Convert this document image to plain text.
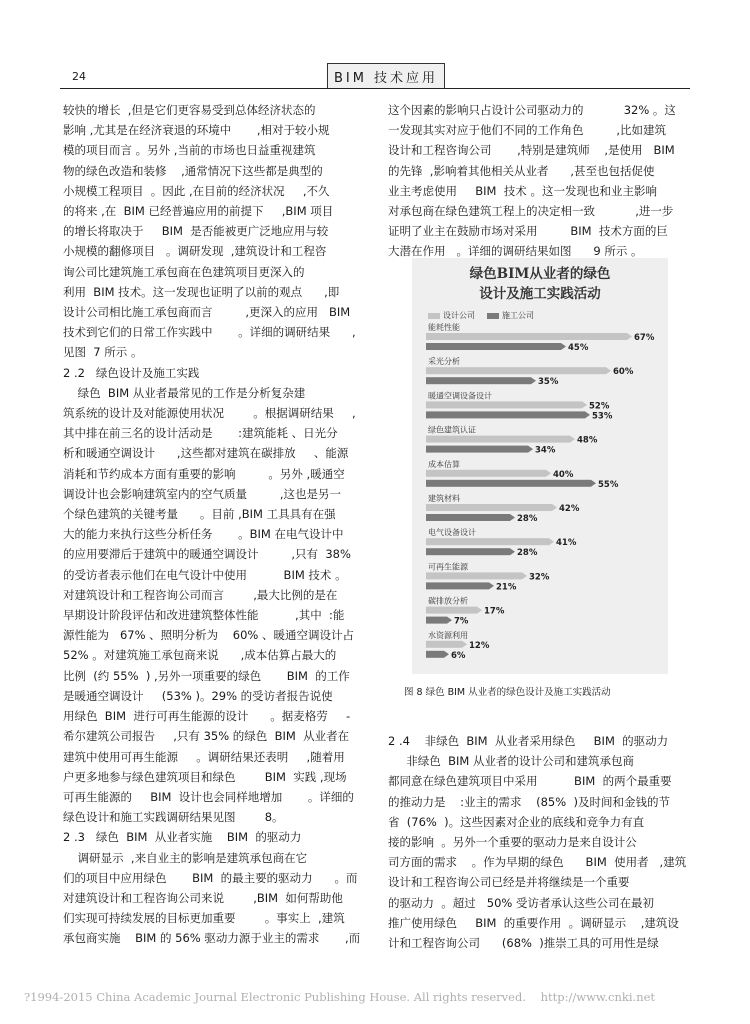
24	BIM 技术应用

较快的增长  ,但是它们更容易受到总体经济状态的

影响 ,尤其是在经济衰退的环境中       ,相对于较小规

模的项目而言 。另外 ,当前的市场也日益重视建筑

物的绿色改造和装修    ,通常情况下这些都是典型的

小规模工程项目  。因此 ,在目前的经济状况     ,不久

的将来 ,在  BIM 已经普遍应用的前提下     ,BIM 项目

的增长将取决于     BIM  是否能被更广泛地应用与较

小规模的翻修项目   。调研发现  ,建筑设计和工程咨

询公司比建筑施工承包商在色建筑项目更深入的

利用  BIM 技术。这一发现也证明了以前的观点      ,即

设计公司相比施工承包商而言         ,更深入的应用   BIM

技术到它们的日常工作实践中       。详细的调研结果      ,

见图  7 所示 。

2 .2   绿色设计及施工实践

绿色  BIM 从业者最常见的工作是分析复杂建

筑系统的设计及对能源使用状况        。根据调研结果     ,

其中排在前三名的设计活动是       :建筑能耗 、日光分

析和暖通空调设计      ,这些都对建筑在碳排放     、能源

消耗和节约成本方面有重要的影响         。另外 ,暖通空

调设计也会影响建筑室内的空气质量         ,这也是另一

个绿色建筑的关键考量      。目前 ,BIM 工具具有在强

大的能力来执行这些分析任务       。BIM 在电气设计中

的应用要滞后于建筑中的暖通空调设计         ,只有  38%

的受访者表示他们在电气设计中使用          BIM 技术 。

对建筑设计和工程咨询公司而言        ,最大比例的是在

早期设计阶段评估和改进建筑整体性能          ,其中  :能

源性能为   67% 、照明分析为    60% 、暖通空调设计占

52% 。对建筑施工承包商来说      ,成本估算占最大的

比例  (约 55%  ) ,另外一项重要的绿色       BIM  的工作

是暖通空调设计     (53% )。29% 的受访者报告说使

用绿色  BIM  进行可再生能源的设计      。据麦格劳     -

希尔建筑公司报告     ,只有 35% 的绿色  BIM  从业者在

建筑中使用可再生能源     。调研结果还表明     ,随着用

户更多地参与绿色建筑项目和绿色        BIM  实践 ,现场

可再生能源的     BIM  设计也会同样地增加       。详细的

绿色设计和施工实践调研结果见图        8。

2 .3   绿色  BIM  从业者实施    BIM  的驱动力

调研显示  ,来自业主的影响是建筑承包商在它

们的项目中应用绿色       BIM  的最主要的驱动力      。而

对建筑设计和工程咨询公司来说        ,BIM  如何帮助他

们实现可持续发展的目标更加重要        。事实上  ,建筑

承包商实施    BIM 的 56% 驱动力源于业主的需求       ,而

这个因素的影响只占设计公司驱动力的           32% 。这

一发现其实对应于他们不同的工作角色         ,比如建筑

设计和工程咨询公司       ,特别是建筑师    ,是使用   BIM

的先锋  ,影响着其他相关从业者      ,甚至也包括促使

业主考虑使用     BIM  技术 。这一发现也和业主影响

对承包商在绿色建筑工程上的决定相一致           ,进一步

证明了业主在鼓励市场对采用         BIM  技术方面的巨

大潜在作用   。详细的调研结果如图      9 所示 。

绿色BIM从业者的绿色
设计及施工实践活动
设计公司	施工公司
能耗性能
67%
45%
采光分析
60%
35%
暖通空调设备设计
52%
53%
绿色建筑认证
48%
34%
成本估算
40%
55%
建筑材料
42%
28%
电气设备设计
41%
28%
可再生能源
32%
21%
碳排放分析
17%
7%
水资源利用
12%
6%
图 8 绿色 BIM 从业者的绿色设计及施工实践活动

2 .4    非绿色  BIM  从业者采用绿色     BIM  的驱动力

非绿色  BIM 从业者的设计公司和建筑承包商

都同意在绿色建筑项目中采用          BIM  的两个最重要

的推动力是    :业主的需求    (85%  )及时间和金钱的节

省  (76%  )。这些因素对企业的底线和竞争力有直

接的影响  。另外一个重要的驱动力是来自设计公

司方面的需求    。作为早期的绿色      BIM  使用者   ,建筑

设计和工程咨询公司已经是并将继续是一个重要

的驱动力  。超过   50% 受访者承认这些公司在最初

推广使用绿色     BIM  的重要作用  。调研显示    ,建筑设

计和工程咨询公司      (68%  )推崇工具的可用性是绿

?1994-2015 China Academic Journal Electronic Publishing House. All rights reserved.    http://www.cnki.net
